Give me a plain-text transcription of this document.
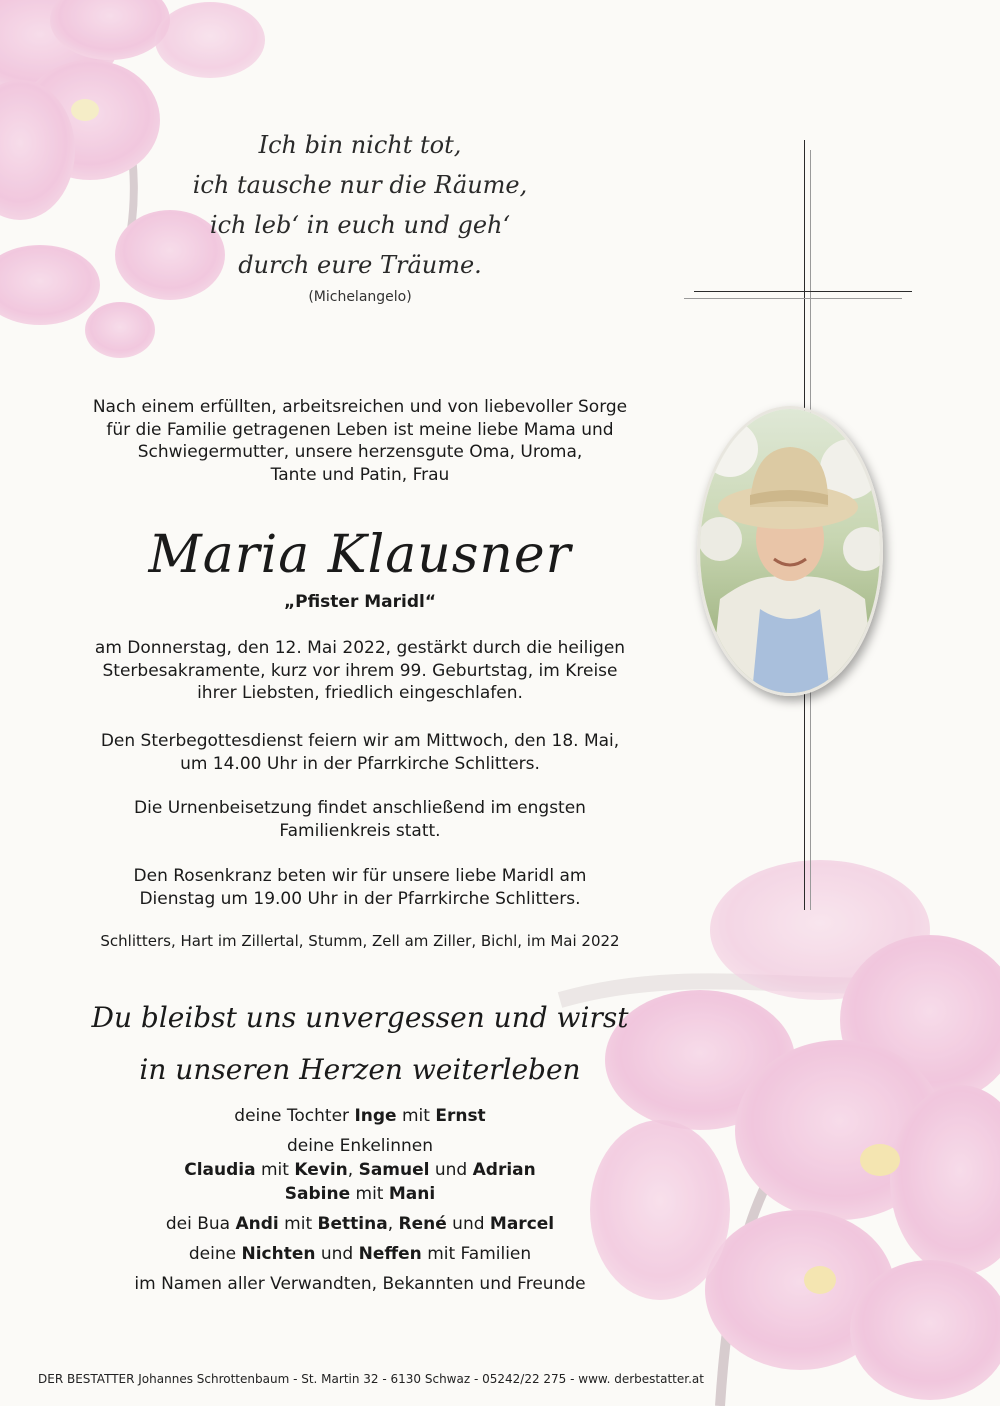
Ich bin nicht tot,
ich tausche nur die Räume,
ich leb‘ in euch und geh‘
durch eure Träume.
(Michelangelo)
Nach einem erfüllten, arbeitsreichen und von liebevoller Sorge
für die Familie getragenen Leben ist meine liebe Mama und
Schwiegermutter, unsere herzensgute Oma, Uroma,
Tante und Patin, Frau
Maria Klausner
„Pfister Maridl“
am Donnerstag, den 12. Mai 2022, gestärkt durch die heiligen
Sterbesakramente, kurz vor ihrem 99. Geburtstag, im Kreise
ihrer Liebsten, friedlich eingeschlafen.
Den Sterbegottesdienst feiern wir am Mittwoch, den 18. Mai,
um 14.00 Uhr in der Pfarrkirche Schlitters.
Die Urnenbeisetzung findet anschließend im engsten
Familienkreis statt.
Den Rosenkranz beten wir für unsere liebe Maridl am
Dienstag um 19.00 Uhr in der Pfarrkirche Schlitters.
Schlitters, Hart im Zillertal, Stumm, Zell am Ziller, Bichl, im Mai 2022
Du bleibst uns unvergessen und wirst
in unseren Herzen weiterleben
deine Tochter Inge mit Ernst
deine Enkelinnen
Claudia mit Kevin, Samuel und Adrian
Sabine mit Mani
dei Bua Andi mit Bettina, René und Marcel
deine Nichten und Neffen mit Familien
im Namen aller Verwandten, Bekannten und Freunde
DER BESTATTER Johannes Schrottenbaum - St. Martin 32 - 6130 Schwaz - 05242/22 275 - www. derbestatter.at
